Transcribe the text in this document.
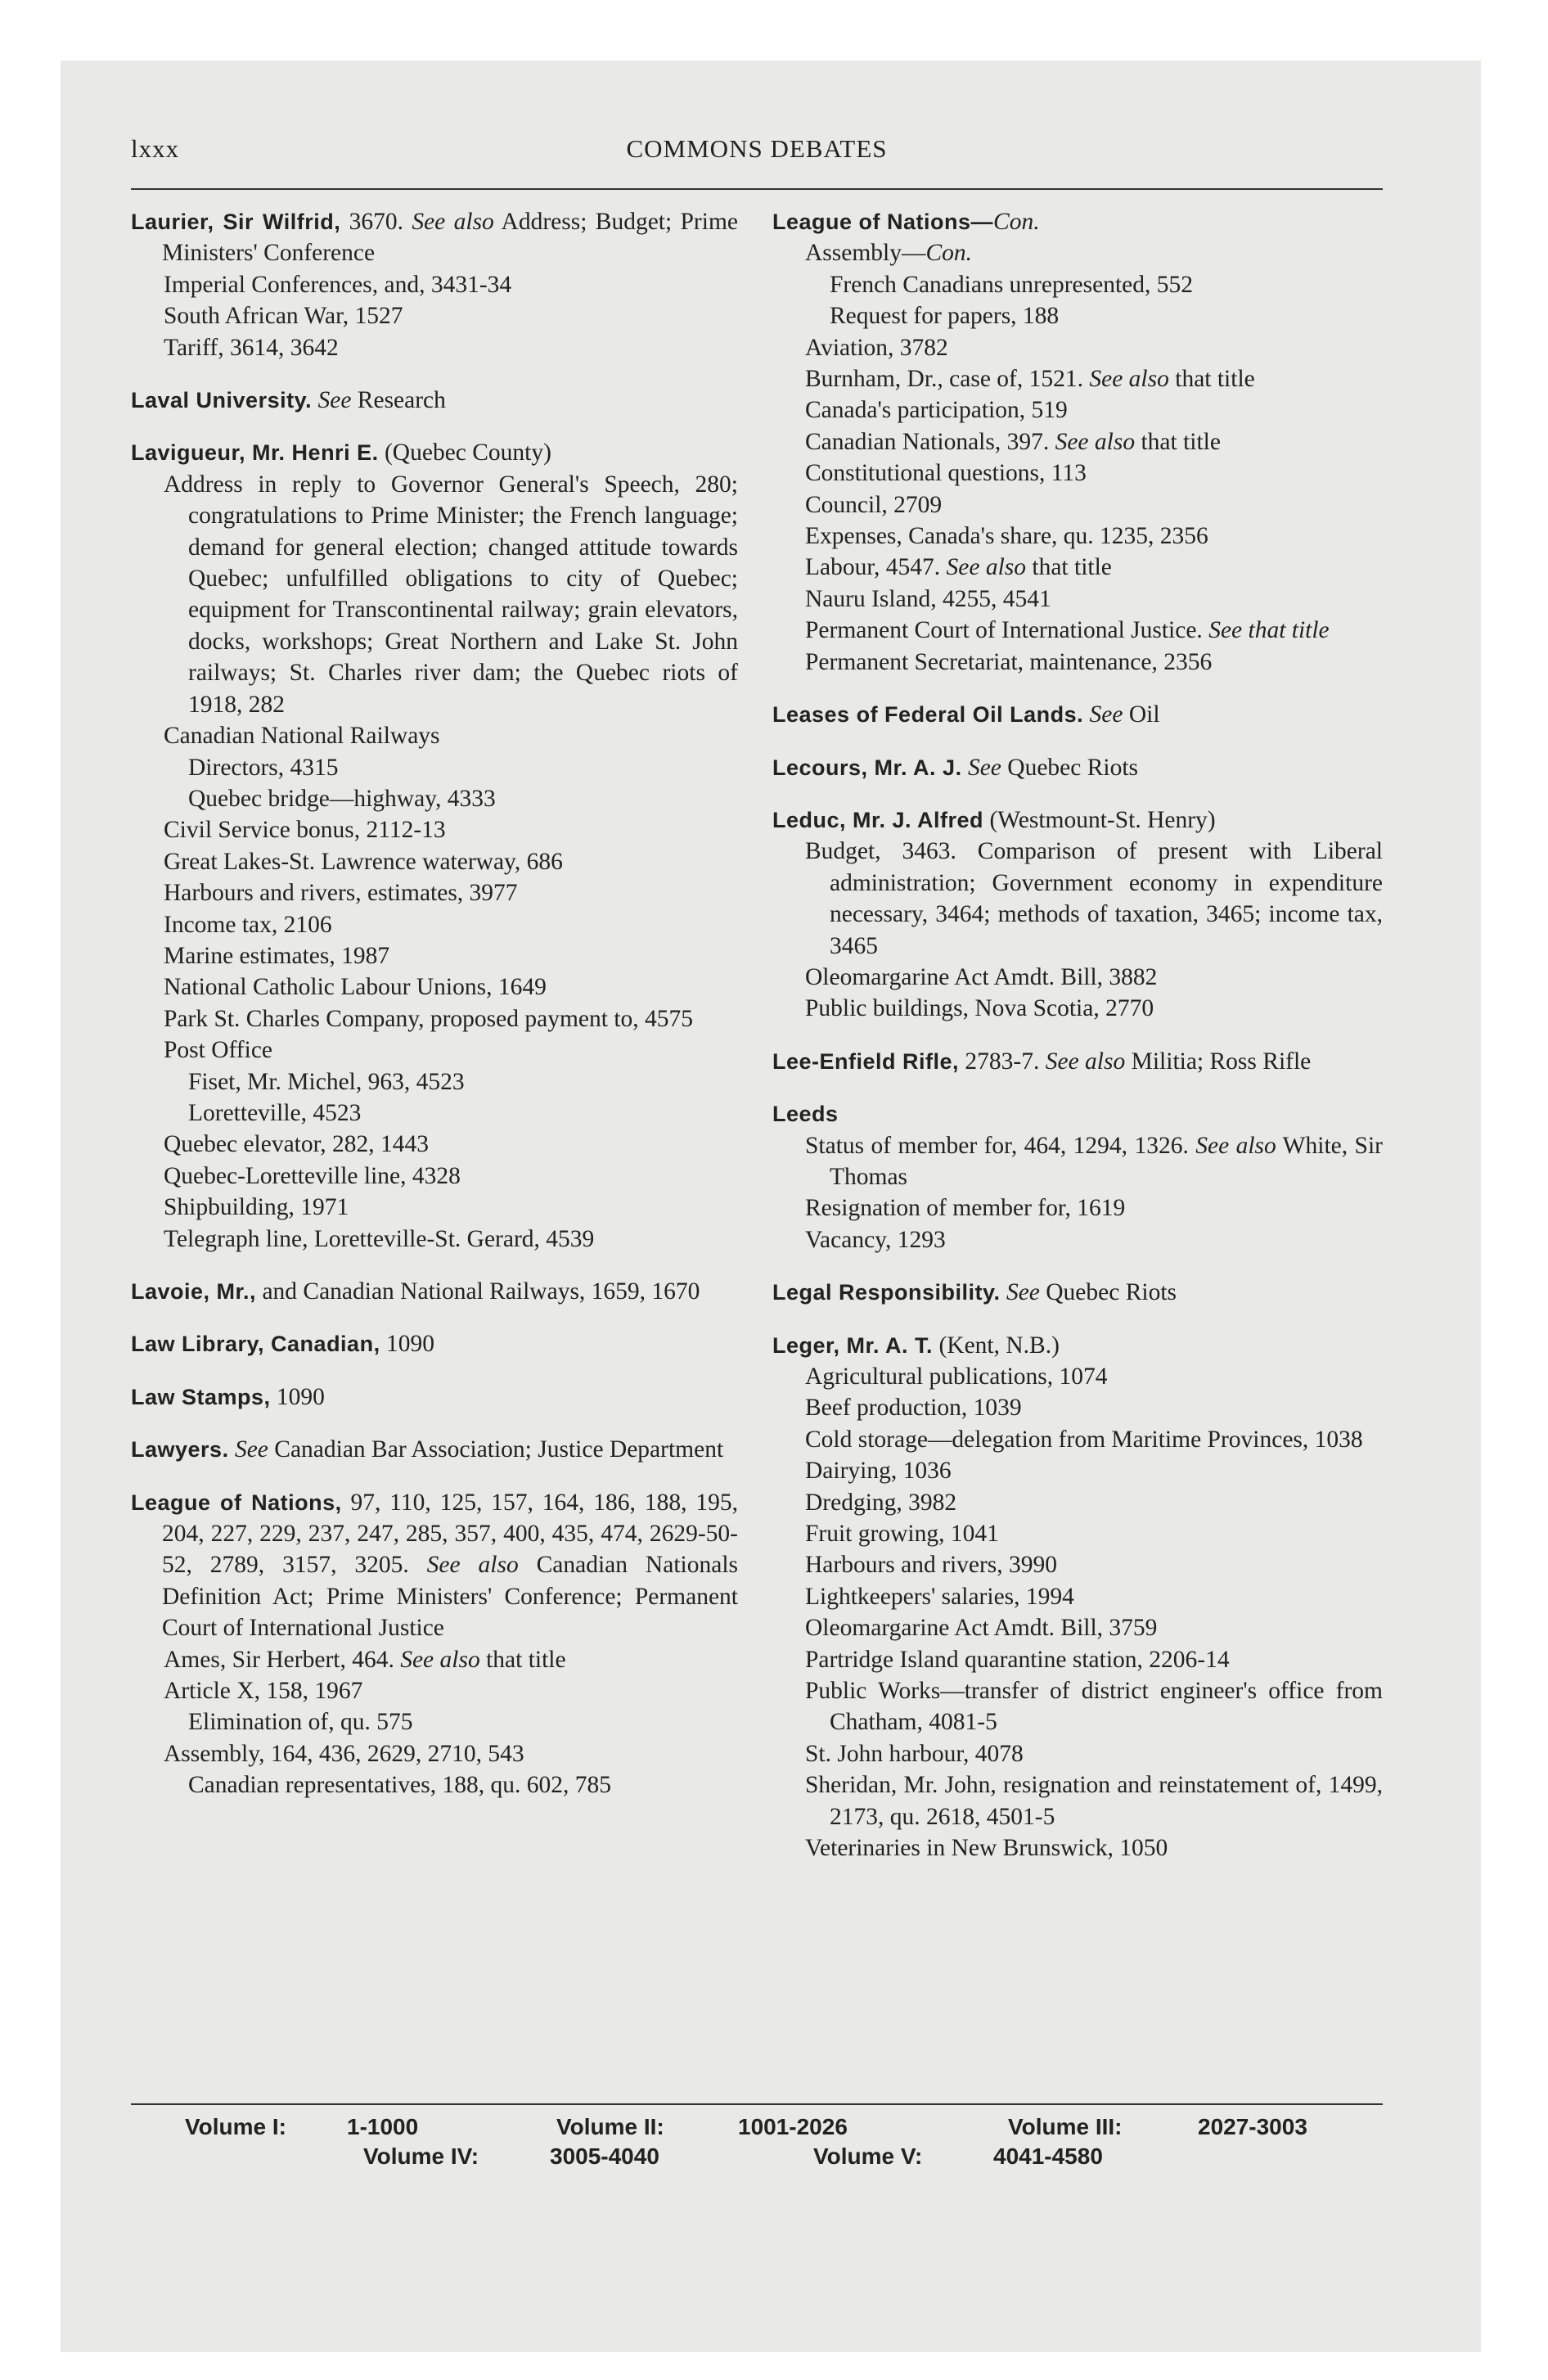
lxxx	COMMONS DEBATES
Laurier, Sir Wilfrid, 3670. See also Address; Budget; Prime Ministers' Conference
Imperial Conferences, and, 3431-34
South African War, 1527
Tariff, 3614, 3642
Laval University. See Research
Lavigueur, Mr. Henri E. (Quebec County)
Address in reply to Governor General's Speech, 280; congratulations to Prime Minister; the French language; demand for general election; changed attitude towards Quebec; unfulfilled obligations to city of Quebec; equipment for Transcontinental railway; grain elevators, docks, workshops; Great Northern and Lake St. John railways; St. Charles river dam; the Quebec riots of 1918, 282
Canadian National Railways
Directors, 4315
Quebec bridge—highway, 4333
Civil Service bonus, 2112-13
Great Lakes-St. Lawrence waterway, 686
Harbours and rivers, estimates, 3977
Income tax, 2106
Marine estimates, 1987
National Catholic Labour Unions, 1649
Park St. Charles Company, proposed payment to, 4575
Post Office
Fiset, Mr. Michel, 963, 4523
Loretteville, 4523
Quebec elevator, 282, 1443
Quebec-Loretteville line, 4328
Shipbuilding, 1971
Telegraph line, Loretteville-St. Gerard, 4539
Lavoie, Mr., and Canadian National Railways, 1659, 1670
Law Library, Canadian, 1090
Law Stamps, 1090
Lawyers. See Canadian Bar Association; Justice Department
League of Nations, 97, 110, 125, 157, 164, 186, 188, 195, 204, 227, 229, 237, 247, 285, 357, 400, 435, 474, 2629-50-52, 2789, 3157, 3205. See also Canadian Nationals Definition Act; Prime Ministers' Conference; Permanent Court of International Justice
Ames, Sir Herbert, 464. See also that title
Article X, 158, 1967
Elimination of, qu. 575
Assembly, 164, 436, 2629, 2710, 543
Canadian representatives, 188, qu. 602, 785
League of Nations—Con.
Assembly—Con.
French Canadians unrepresented, 552
Request for papers, 188
Aviation, 3782
Burnham, Dr., case of, 1521. See also that title
Canada's participation, 519
Canadian Nationals, 397. See also that title
Constitutional questions, 113
Council, 2709
Expenses, Canada's share, qu. 1235, 2356
Labour, 4547. See also that title
Nauru Island, 4255, 4541
Permanent Court of International Justice. See that title
Permanent Secretariat, maintenance, 2356
Leases of Federal Oil Lands. See Oil
Lecours, Mr. A. J. See Quebec Riots
Leduc, Mr. J. Alfred (Westmount-St. Henry)
Budget, 3463. Comparison of present with Liberal administration; Government economy in expenditure necessary, 3464; methods of taxation, 3465; income tax, 3465
Oleomargarine Act Amdt. Bill, 3882
Public buildings, Nova Scotia, 2770
Lee-Enfield Rifle, 2783-7. See also Militia; Ross Rifle
Leeds
Status of member for, 464, 1294, 1326. See also White, Sir Thomas
Resignation of member for, 1619
Vacancy, 1293
Legal Responsibility. See Quebec Riots
Leger, Mr. A. T. (Kent, N.B.)
Agricultural publications, 1074
Beef production, 1039
Cold storage—delegation from Maritime Provinces, 1038
Dairying, 1036
Dredging, 3982
Fruit growing, 1041
Harbours and rivers, 3990
Lightkeepers' salaries, 1994
Oleomargarine Act Amdt. Bill, 3759
Partridge Island quarantine station, 2206-14
Public Works—transfer of district engineer's office from Chatham, 4081-5
St. John harbour, 4078
Sheridan, Mr. John, resignation and reinstatement of, 1499, 2173, qu. 2618, 4501-5
Veterinaries in New Brunswick, 1050
Volume I:	1-1000	Volume II:	1001-2026	Volume III:	2027-3003
Volume IV:	3005-4040	Volume V:	4041-4580
